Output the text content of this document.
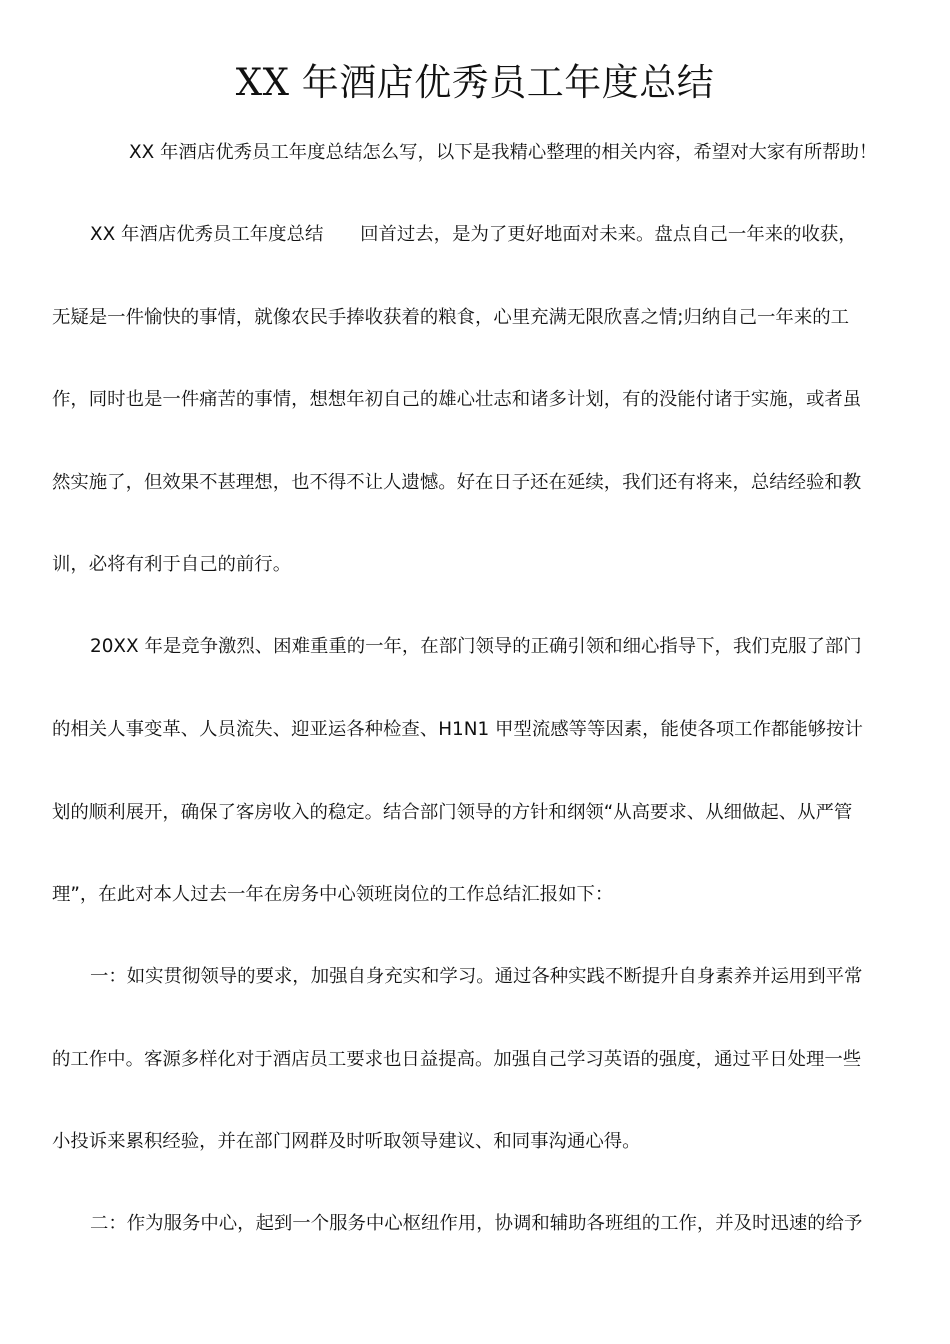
XX 年酒店优秀员工年度总结

XX 年酒店优秀员工年度总结怎么写，以下是我精心整理的相关内容，希望对大家有所帮助！

XX 年酒店优秀员工年度总结　　回首过去，是为了更好地面对未来。盘点自己一年来的收获，

无疑是一件愉快的事情，就像农民手捧收获着的粮食，心里充满无限欣喜之情;归纳自己一年来的工

作，同时也是一件痛苦的事情，想想年初自己的雄心壮志和诸多计划，有的没能付诸于实施，或者虽

然实施了，但效果不甚理想，也不得不让人遗憾。好在日子还在延续，我们还有将来，总结经验和教

训，必将有利于自己的前行。

20XX 年是竞争激烈、困难重重的一年，在部门领导的正确引领和细心指导下，我们克服了部门

的相关人事变革、人员流失、迎亚运各种检查、H1N1 甲型流感等等因素，能使各项工作都能够按计

划的顺利展开，确保了客房收入的稳定。结合部门领导的方针和纲领“从高要求、从细做起、从严管

理”，在此对本人过去一年在房务中心领班岗位的工作总结汇报如下：

一：如实贯彻领导的要求，加强自身充实和学习。通过各种实践不断提升自身素养并运用到平常

的工作中。客源多样化对于酒店员工要求也日益提高。加强自己学习英语的强度，通过平日处理一些

小投诉来累积经验，并在部门网群及时听取领导建议、和同事沟通心得。

二：作为服务中心，起到一个服务中心枢纽作用，协调和辅助各班组的工作，并及时迅速的给予
